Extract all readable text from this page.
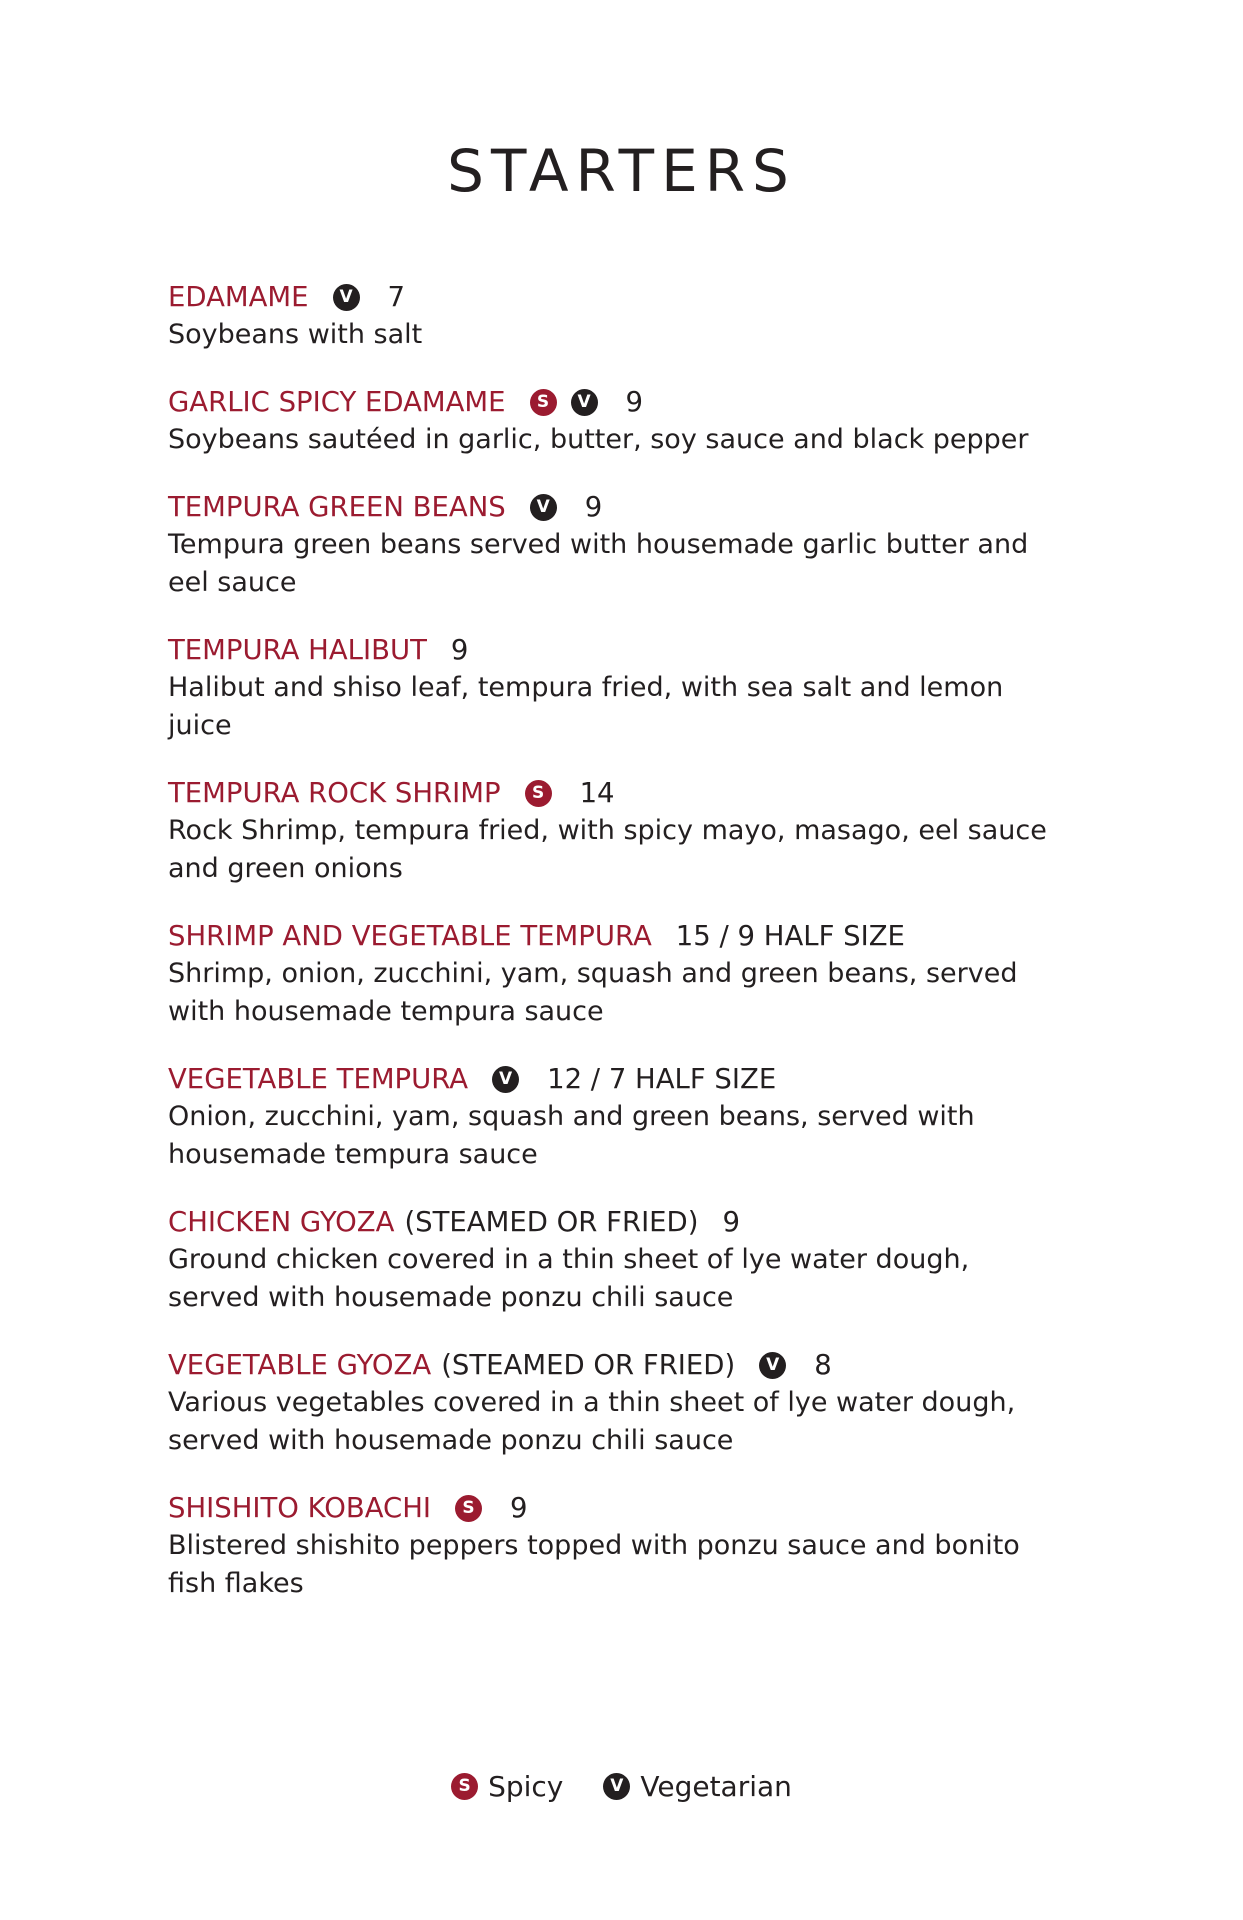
STARTERS
EDAMAME	V 7
Soybeans with salt
GARLIC SPICY EDAMAME	S	V 9
Soybeans sautéed in garlic, butter, soy sauce and black pepper
TEMPURA GREEN BEANS	V 9
Tempura green beans served with housemade garlic butter and eel sauce
TEMPURA HALIBUT 9
Halibut and shiso leaf, tempura fried, with sea salt and lemon juice
TEMPURA ROCK SHRIMP	S 14
Rock Shrimp, tempura fried, with spicy mayo, masago, eel sauce and green onions
SHRIMP AND VEGETABLE TEMPURA 15 / 9 HALF SIZE
Shrimp, onion, zucchini, yam, squash and green beans, served with housemade tempura sauce
VEGETABLE TEMPURA	V 12 / 7 HALF SIZE
Onion, zucchini, yam, squash and green beans, served with housemade tempura sauce
CHICKEN GYOZA (STEAMED OR FRIED) 9
Ground chicken covered in a thin sheet of lye water dough, served with housemade ponzu chili sauce
VEGETABLE GYOZA (STEAMED OR FRIED)	V 8
Various vegetables covered in a thin sheet of lye water dough, served with housemade ponzu chili sauce
SHISHITO KOBACHI	S 9
Blistered shishito peppers topped with ponzu sauce and bonito fish flakes
S Spicy	V Vegetarian
